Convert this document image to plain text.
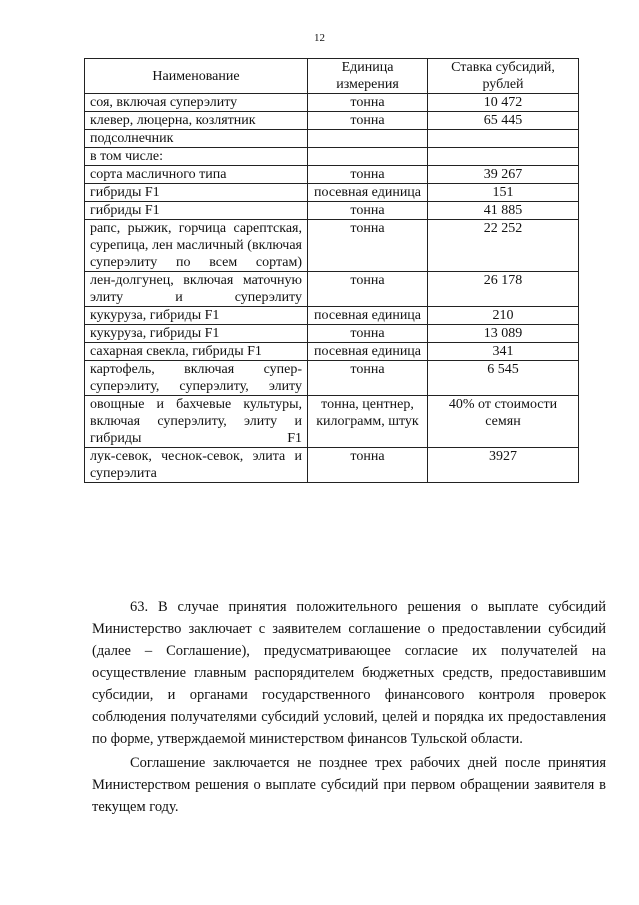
12
Наименование	Единица измерения	Ставка субсидий, рублей
соя, включая суперэлиту	тонна	10 472
клевер, люцерна, козлятник	тонна	65 445
подсолнечник		
в том числе:		
сорта масличного типа	тонна	39 267
гибриды F1	посевная единица	151
гибриды F1	тонна	41 885
рапс, рыжик, горчица сарептская, сурепица, лен масличный (включая суперэлиту по всем сортам)	тонна	22 252
лен-долгунец, включая маточную элиту и суперэлиту	тонна	26 178
кукуруза, гибриды F1	посевная единица	210
кукуруза, гибриды F1	тонна	13 089
сахарная свекла, гибриды F1	посевная единица	341
картофель, включая супер-суперэлиту, суперэлиту, элиту	тонна	6 545
овощные и бахчевые культуры, включая суперэлиту, элиту и гибриды F1	тонна, центнер, килограмм, штук	40% от стоимости семян
лук-севок, чеснок-севок, элита и суперэлита	тонна	3927

63. В случае принятия положительного решения о выплате субсидий Министерство заключает с заявителем соглашение о предоставлении субсидий (далее – Соглашение), предусматривающее согласие их получателей на осуществление главным распорядителем бюджетных средств, предоставившим субсидии, и органами государственного финансового контроля проверок соблюдения получателями субсидий условий, целей и порядка их предоставления по форме, утверждаемой министерством финансов Тульской области.

Соглашение заключается не позднее трех рабочих дней после принятия Министерством решения о выплате субсидий при первом обращении заявителя в текущем году.
